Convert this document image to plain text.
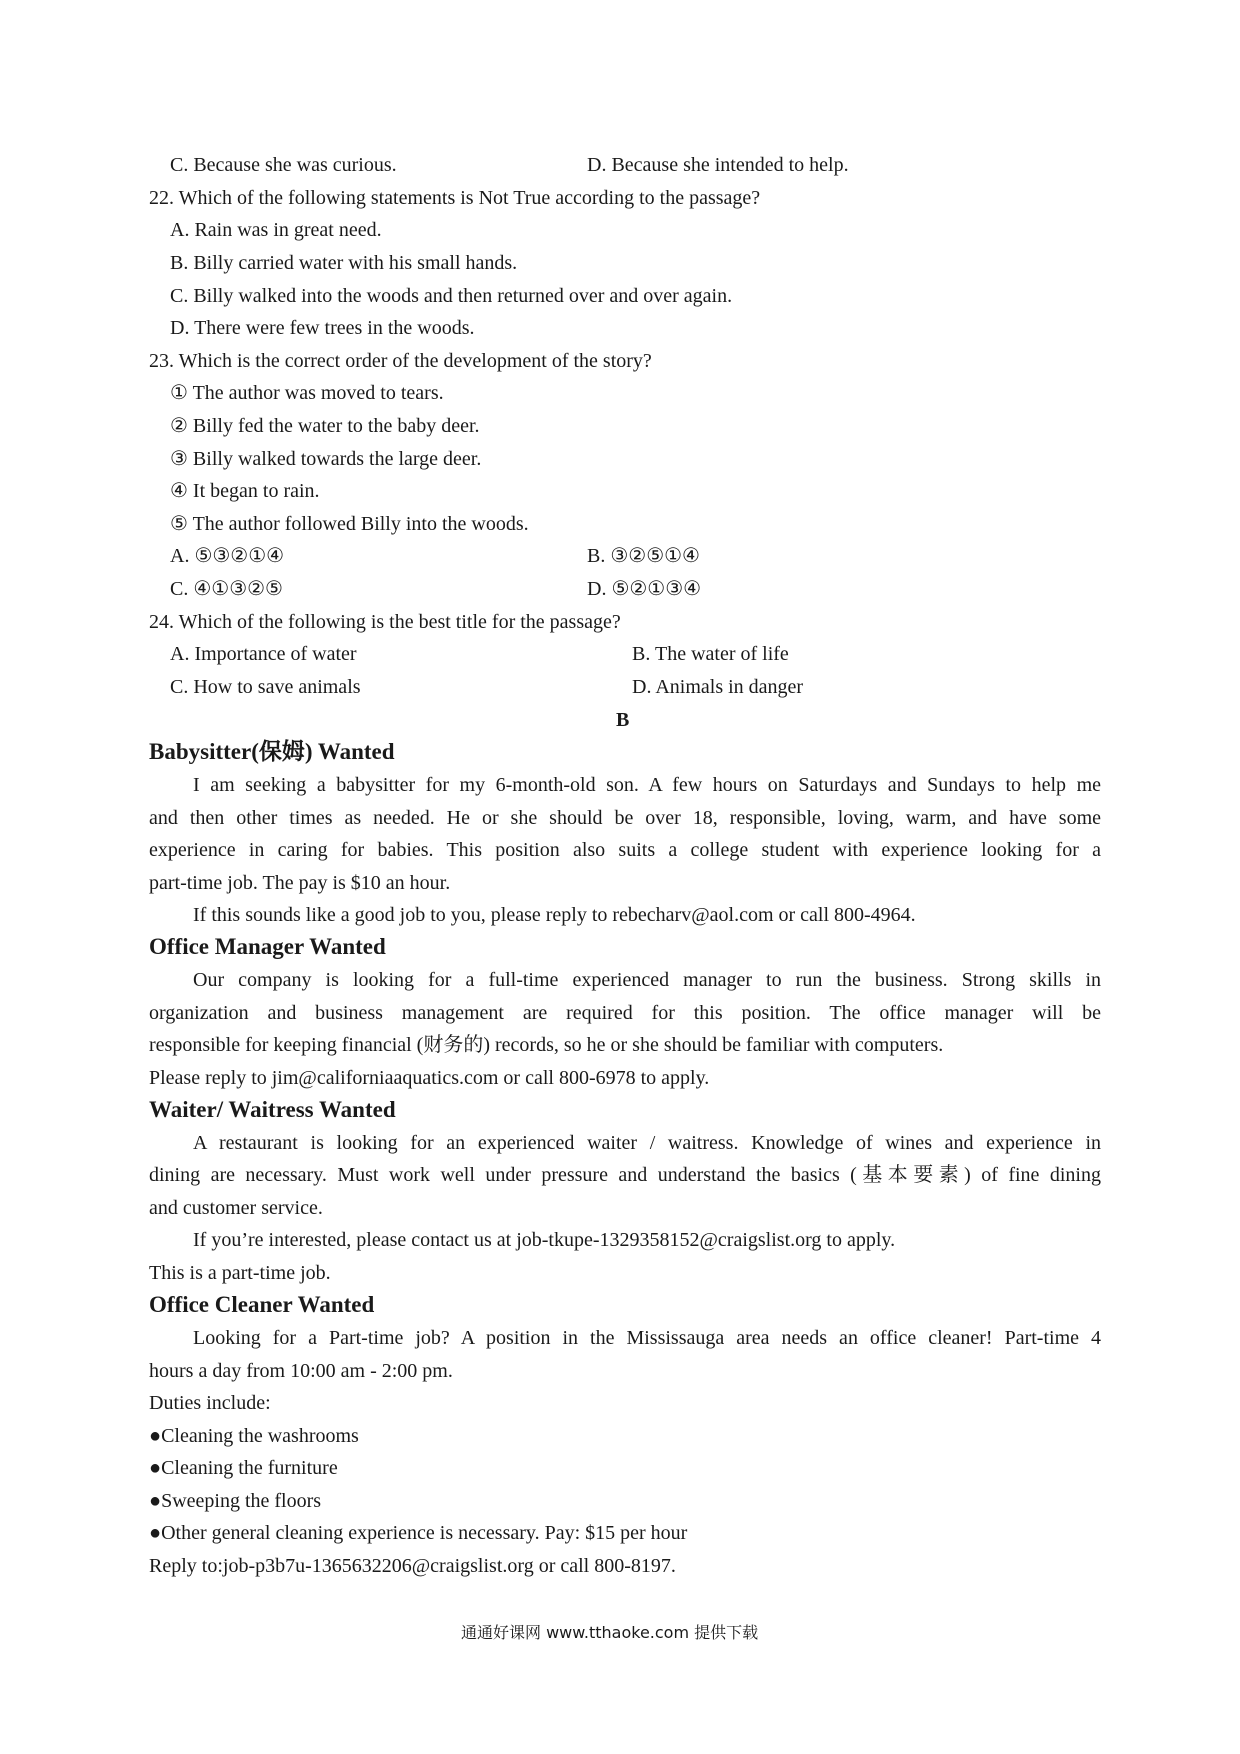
C. Because she was curious.	D. Because she intended to help.
22. Which of the following statements is Not True according to the passage?
A. Rain was in great need.
B. Billy carried water with his small hands.
C. Billy walked into the woods and then returned over and over again.
D. There were few trees in the woods.
23. Which is the correct order of the development of the story?
① The author was moved to tears.
② Billy fed the water to the baby deer.
③ Billy walked towards the large deer.
④ It began to rain.
⑤ The author followed Billy into the woods.
A. ⑤③②①④	B. ③②⑤①④
C. ④①③②⑤	D. ⑤②①③④
24. Which of the following is the best title for the passage?
A. Importance of water	B. The water of life
C. How to save animals	D. Animals in danger
B
Babysitter(保姆) Wanted
I am seeking a babysitter for my 6-month-old son. A few hours on Saturdays and Sundays to help me
and then other times as needed. He or she should be over 18, responsible, loving, warm, and have some
experience in caring for babies. This position also suits a college student with experience looking for a
part-time job. The pay is $10 an hour.
If this sounds like a good job to you, please reply to rebecharv@aol.com or call 800-4964.
Office Manager Wanted
Our company is looking for a full-time experienced manager to run the business. Strong skills in
organization and business management are required for this position. The office manager will be
responsible for keeping financial (财务的) records, so he or she should be familiar with computers.
Please reply to jim@californiaaquatics.com or call 800-6978 to apply.
Waiter/ Waitress Wanted
A restaurant is looking for an experienced waiter / waitress. Knowledge of wines and experience in
dining are necessary. Must work well under pressure and understand the basics (基本要素) of fine dining
and customer service.
If you’re interested, please contact us at job-tkupe-1329358152@craigslist.org to apply.
This is a part-time job.
Office Cleaner Wanted
Looking for a Part-time job? A position in the Mississauga area needs an office cleaner! Part-time 4
hours a day from 10:00 am - 2:00 pm.
Duties include:
●Cleaning the washrooms
●Cleaning the furniture
●Sweeping the floors
●Other general cleaning experience is necessary. Pay: $15 per hour
Reply to:job-p3b7u-1365632206@craigslist.org or call 800-8197.
通通好课网 www.tthaoke.com 提供下载
